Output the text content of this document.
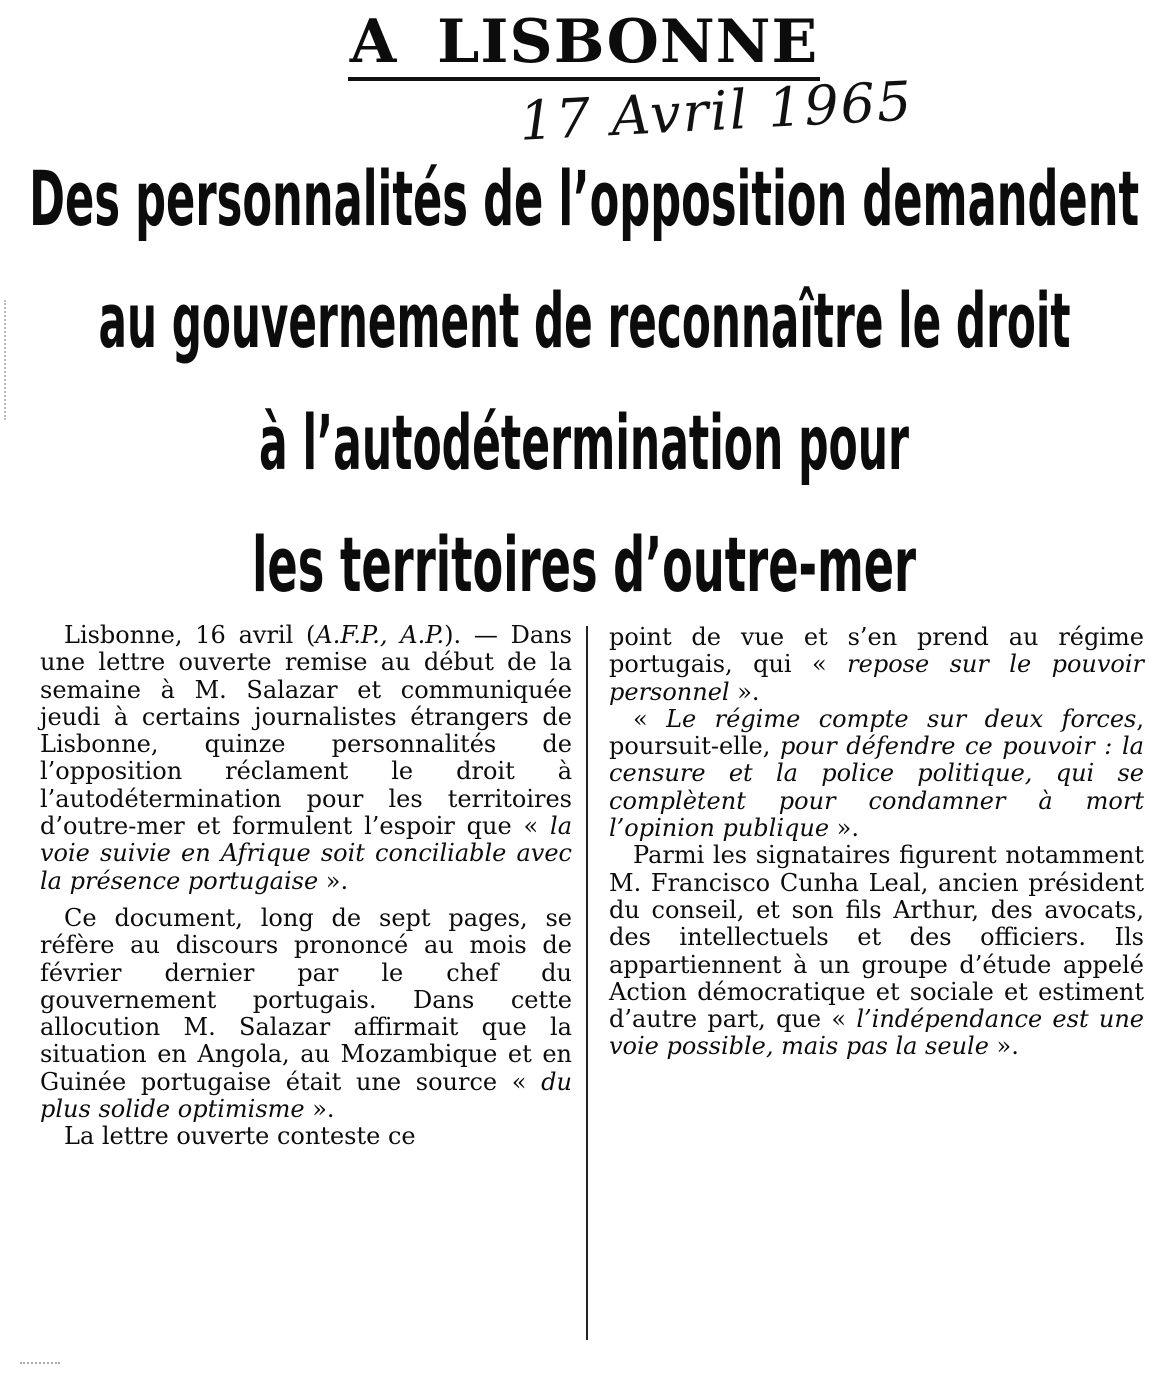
A LISBONNE
17 Avril 1965
Des personnalités de l’opposition demandent
au gouvernement de reconnaître le droit
à l’autodétermination pour
les territoires d’outre-mer

Lisbonne, 16 avril (A.F.P., A.P.). — Dans une lettre ouverte remise au début de la semaine à M. Salazar et communiquée jeudi à certains journalistes étrangers de Lisbonne, quinze personnalités de l’opposition réclament le droit à l’autodétermination pour les territoires d’outre-mer et formulent l’espoir que « la voie suivie en Afrique soit conciliable avec la présence portugaise ».

Ce document, long de sept pages, se réfère au discours prononcé au mois de février dernier par le chef du gouvernement portugais. Dans cette allocution M. Salazar affirmait que la situation en Angola, au Mozambique et en Guinée portugaise était une source « du plus solide optimisme ».

La lettre ouverte conteste ce

point de vue et s’en prend au régime portugais, qui « repose sur le pouvoir personnel ».

« Le régime compte sur deux forces, poursuit-elle, pour défendre ce pouvoir : la censure et la police politique, qui se complètent pour condamner à mort l’opinion publique ».

Parmi les signataires figurent notamment M. Francisco Cunha Leal, ancien président du conseil, et son fils Arthur, des avocats, des intellectuels et des officiers. Ils appartiennent à un groupe d’étude appelé Action démocratique et sociale et estiment d’autre part, que « l’indépendance est une voie possible, mais pas la seule ».
